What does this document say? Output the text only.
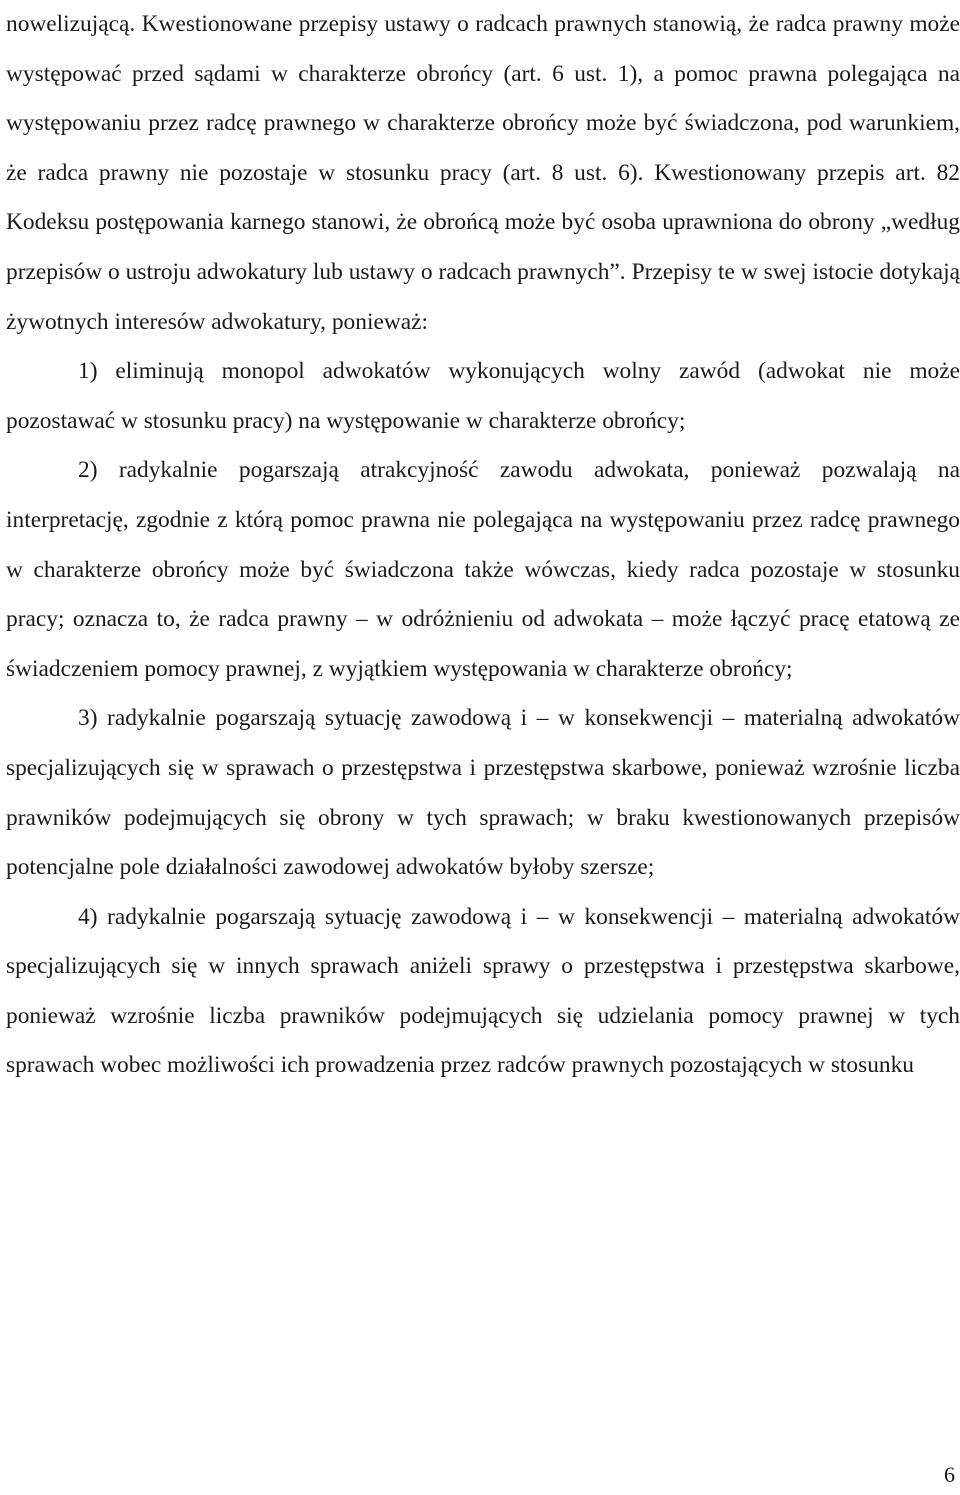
nowelizującą. Kwestionowane przepisy ustawy o radcach prawnych stanowią, że radca prawny może występować przed sądami w charakterze obrońcy (art. 6 ust. 1), a pomoc prawna polegająca na występowaniu przez radcę prawnego w charakterze obrońcy może być świadczona, pod warunkiem, że radca prawny nie pozostaje w stosunku pracy (art. 8 ust. 6). Kwestionowany przepis art. 82 Kodeksu postępowania karnego stanowi, że obrońcą może być osoba uprawniona do obrony „według przepisów o ustroju adwokatury lub ustawy o radcach prawnych”. Przepisy te w swej istocie dotykają żywotnych interesów adwokatury, ponieważ:

1) eliminują monopol adwokatów wykonujących wolny zawód (adwokat nie może pozostawać w stosunku pracy) na występowanie w charakterze obrońcy;

2) radykalnie pogarszają atrakcyjność zawodu adwokata, ponieważ pozwalają na interpretację, zgodnie z którą pomoc prawna nie polegająca na występowaniu przez radcę prawnego w charakterze obrońcy może być świadczona także wówczas, kiedy radca pozostaje w stosunku pracy; oznacza to, że radca prawny – w odróżnieniu od adwokata – może łączyć pracę etatową ze świadczeniem pomocy prawnej, z wyjątkiem występowania w charakterze obrońcy;

3) radykalnie pogarszają sytuację zawodową i – w konsekwencji – materialną adwokatów specjalizujących się w sprawach o przestępstwa i przestępstwa skarbowe, ponieważ wzrośnie liczba prawników podejmujących się obrony w tych sprawach; w braku kwestionowanych przepisów potencjalne pole działalności zawodowej adwokatów byłoby szersze;

4) radykalnie pogarszają sytuację zawodową i – w konsekwencji – materialną adwokatów specjalizujących się w innych sprawach aniżeli sprawy o przestępstwa i przestępstwa skarbowe, ponieważ wzrośnie liczba prawników podejmujących się udzielania pomocy prawnej w tych sprawach wobec możliwości ich prowadzenia przez radców prawnych pozostających w stosunku

6
